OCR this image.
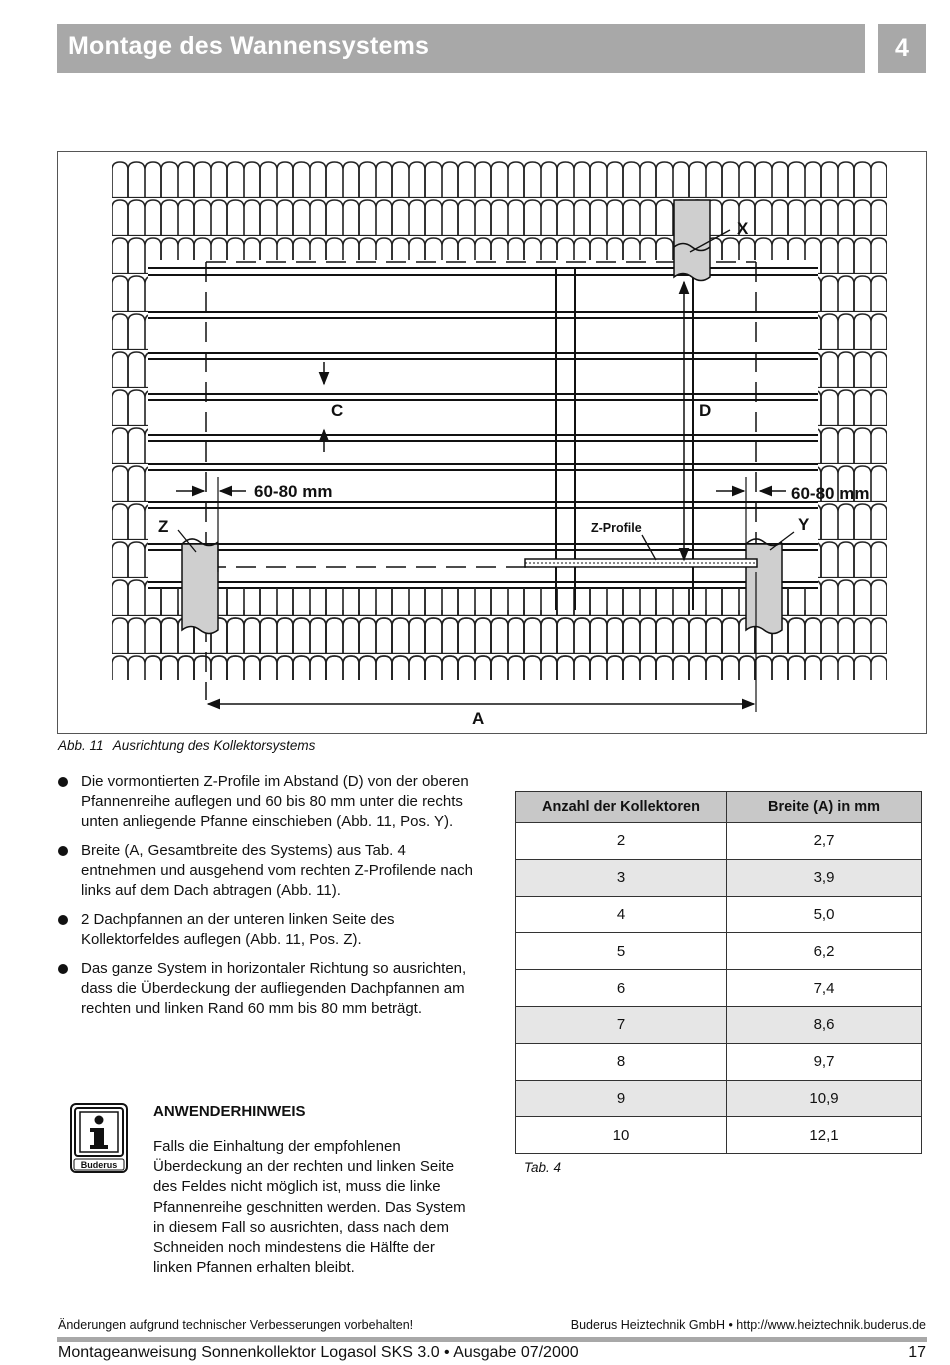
Montage des Wannensystems	4
X
C	D
Z	Y
A
60-80 mm	60-80 mm
Z-Profile
Abb. 11 Ausrichtung des Kollektorsystems
Die vormontierten Z-Profile im Abstand (D) von der oberen Pfannenreihe auflegen und 60 bis 80 mm unter die rechts unten anliegende Pfanne einschieben (Abb. 11, Pos. Y).
Breite (A, Gesamtbreite des Systems) aus Tab. 4 entnehmen und ausgehend vom rechten Z-Profilende nach links auf dem Dach abtragen (Abb. 11).
2 Dachpfannen an der unteren linken Seite des Kollektorfeldes auflegen (Abb. 11, Pos. Z).
Das ganze System in horizontaler Richtung so ausrichten, dass die Überdeckung der aufliegenden Dachpfannen am rechten und linken Rand 60 mm bis 80 mm beträgt.
Buderus
ANWENDERHINWEIS
Falls die Einhaltung der empfohlenen Überdeckung an der rechten und linken Seite des Feldes nicht möglich ist, muss die linke Pfannenreihe geschnitten werden. Das System in diesem Fall so ausrichten, dass nach dem Schneiden noch mindestens die Hälfte der linken Pfannen erhalten bleibt.
Anzahl der Kollektoren	Breite (A) in mm
2	2,7
3	3,9
4	5,0
5	6,2
6	7,4
7	8,6
8	9,7
9	10,9
10	12,1
Tab. 4
Änderungen aufgrund technischer Verbesserungen vorbehalten!	Buderus Heiztechnik GmbH • http://www.heiztechnik.buderus.de
Montageanweisung Sonnenkollektor Logasol SKS 3.0 • Ausgabe 07/2000	17
